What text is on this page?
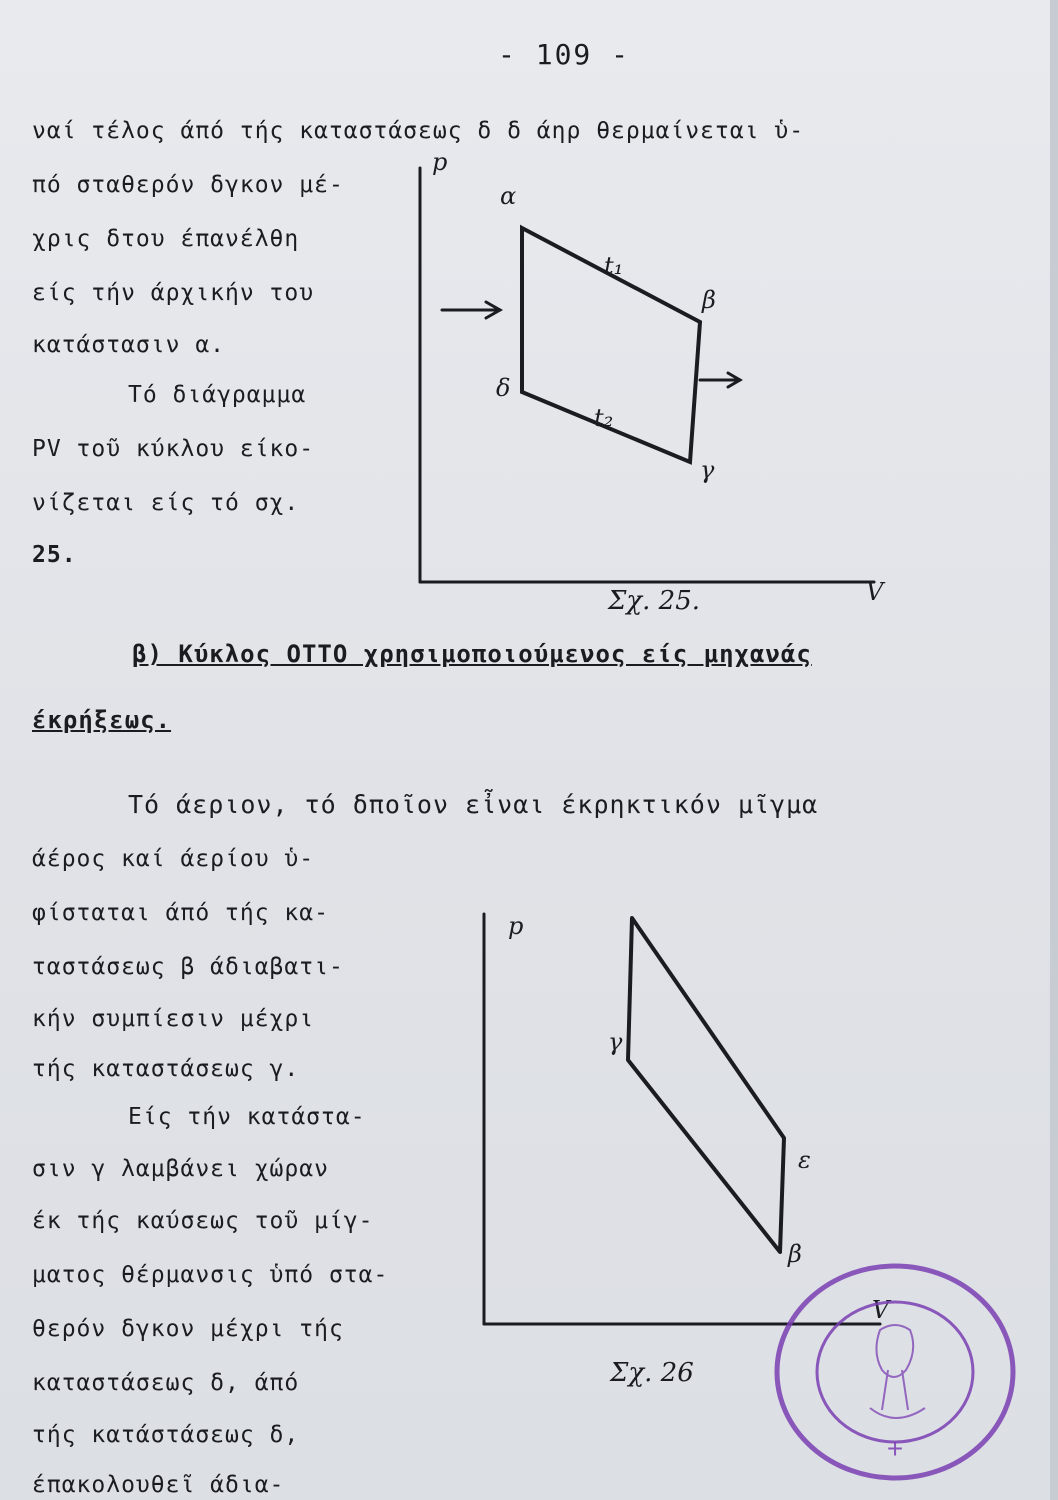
- 109 -
ναί τέλος άπό τής καταστάσεως δ δ άηρ θερμαίνεται ὑ-
πό σταθερόν δγκον μέ-
χρις δτου έπανέλθη
είς τήν άρχικήν του
κατάστασιν α.
Τό διάγραμμα
PV τοῦ κύκλου είκο-
νίζεται είς τό σχ.
25.
β) Κύκλος ΟΤΤΟ χρησιμοποιούμενος είς μηχανάς
έκρήξεως.
Τό άεριον, τό δποῖον εἶναι έκρηκτικόν μῖγμα
άέρος καί άερίου ὑ-
φίσταται άπό τής κα-
ταστάσεως β άδιαβατι-
κήν συμπίεσιν μέχρι
τής καταστάσεως γ.
Είς τήν κατάστα-
σιν γ λαμβάνει χώραν
έκ τής καύσεως τοῦ μίγ-
ματος θέρμανσις ὑπό στα-
θερόν δγκον μέχρι τής
καταστάσεως δ, άπό
τής κατάστάσεως δ,
έπακολουθεῖ άδια-
p
V
α
β
γ
δ
t₁
t₂
Σχ. 25.
p
V
γ
ε
β
Σχ. 26
+
